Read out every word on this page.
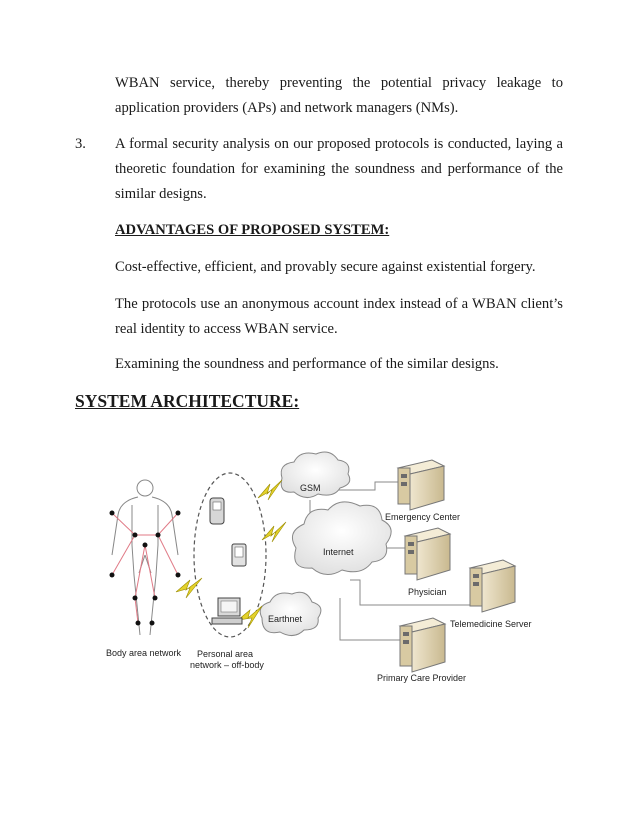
WBAN service, thereby preventing the potential privacy leakage to
application providers (APs) and network managers (NMs).
3. A formal security analysis on our proposed protocols is conducted, laying a
theoretic foundation for examining the soundness and performance of the
similar designs.
ADVANTAGES OF PROPOSED SYSTEM:
Cost-effective, efficient, and provably secure against existential forgery.
The protocols use an anonymous account index instead of a WBAN client’s
real identity to access WBAN service.
Examining the soundness and performance of the similar designs.
SYSTEM ARCHITECTURE:
GSM
Internet
Earthnet
Emergency Center
Physician
Telemedicine Server
Primary Care Provider
Body area network Personal area
network – off-body
